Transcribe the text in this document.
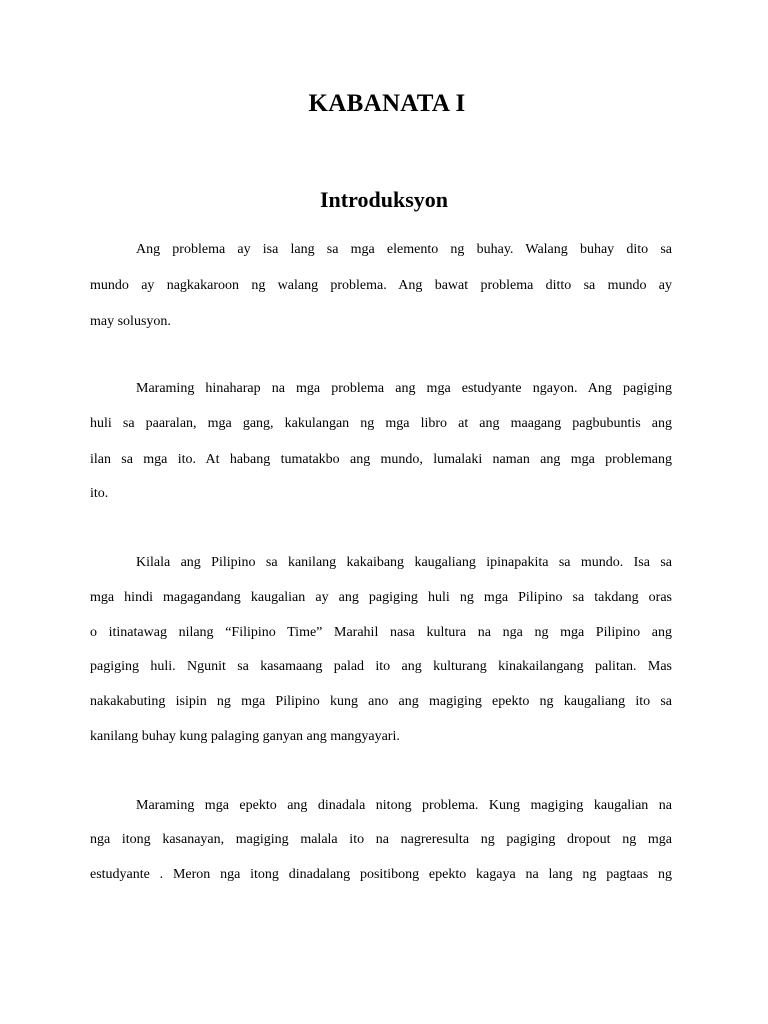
KABANATA I
Introduksyon
Ang problema ay isa lang sa mga elemento ng buhay. Walang buhay dito sa
mundo ay nagkakaroon ng walang problema. Ang bawat problema ditto sa mundo ay
may solusyon.
Maraming hinaharap na mga problema ang mga estudyante ngayon. Ang pagiging
huli sa paaralan, mga gang, kakulangan ng mga libro at ang maagang pagbubuntis ang
ilan sa mga ito. At habang tumatakbo ang mundo, lumalaki naman ang mga problemang
ito.
Kilala ang Pilipino sa kanilang kakaibang kaugaliang ipinapakita sa mundo. Isa sa
mga hindi magagandang kaugalian ay ang pagiging huli ng mga Pilipino sa takdang oras
o itinatawag nilang “Filipino Time” Marahil nasa kultura na nga ng mga Pilipino ang
pagiging huli. Ngunit sa kasamaang palad ito ang kulturang kinakailangang palitan. Mas
nakakabuting isipin ng mga Pilipino kung ano ang magiging epekto ng kaugaliang ito sa
kanilang buhay kung palaging ganyan ang mangyayari.
Maraming mga epekto ang dinadala nitong problema. Kung magiging kaugalian na
nga itong kasanayan, magiging malala ito na nagreresulta ng pagiging dropout ng mga
estudyante . Meron nga itong dinadalang positibong epekto kagaya na lang ng pagtaas ng
